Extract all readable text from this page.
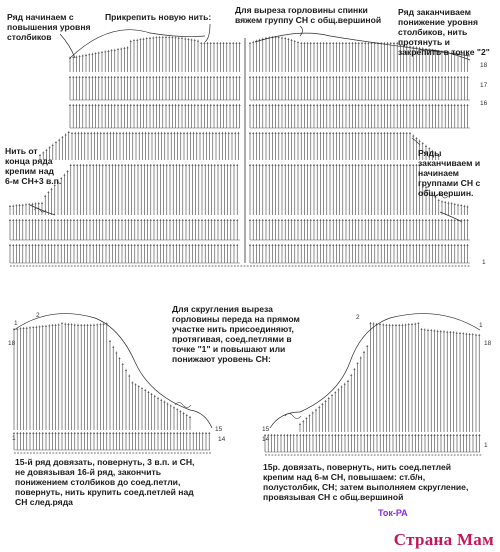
Ряд начинаем с
повышения уровня
столбиков
Прикрепить новую нить:
Для выреза горловины спинки
вяжем группу СН с общ.вершиной
Ряд заканчиваем
понижение уровня
столбиков, нить
протянуть и
закрепить в точке "2"
Нить от
конца ряда
крепим над
6-м СН+3 в.п.
Ряды
заканчиваем и
начинаем
группами СН с
общ.вершин.
Для скругления выреза
горловины переда на прямом
участке нить присоединяют,
протягивая, соед.петлями в
точке "1" и повышают или
понижают уровень СН:
15-й ряд довязать, повернуть, 3 в.п. и СН,
не довязывая 16-й ряд, закончить
понижением столбиков до соед.петли,
повернуть, нить крупить соед.петлей над
СН след.ряда
15р. довязать, повернуть, нить соед.петлей
крепим над 6-м СН, повышаем: ст.б/н,
полустолбик, СН; затем выполняем скругление,
провязывая СН с общ.вершиной
18
17
16
1
18
15
14
1
1
2
18
15
14
1
1
2
Ток-РА
Страна Мам
